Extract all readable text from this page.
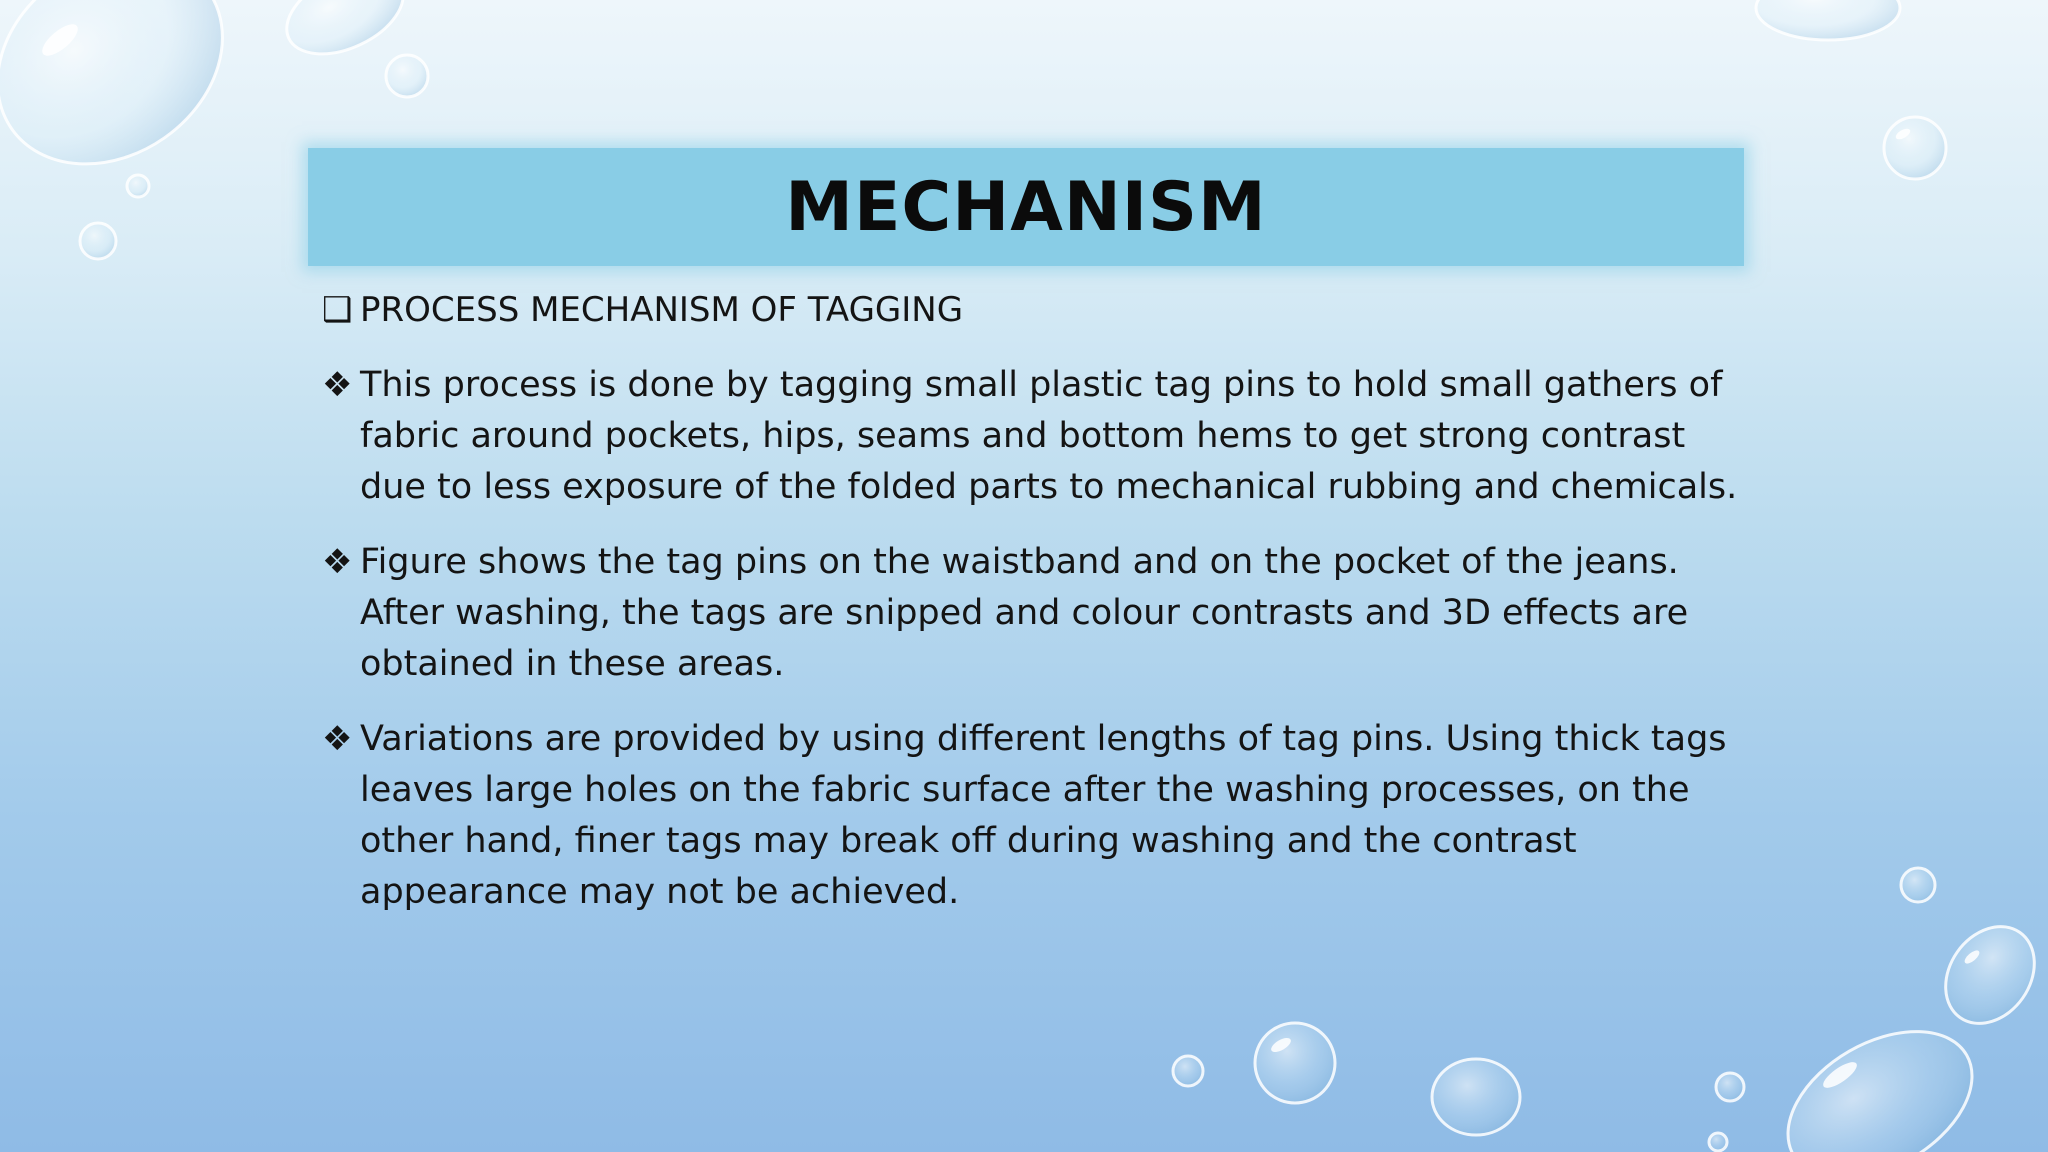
MECHANISM
❑ PROCESS MECHANISM OF TAGGING
❖ This process is done by tagging small plastic tag pins to hold small gathers of fabric around pockets, hips, seams and bottom hems to get strong contrast due to less exposure of the folded parts to mechanical rubbing and chemicals.
❖ Figure shows the tag pins on the waistband and on the pocket of the jeans. After washing, the tags are snipped and colour contrasts and 3D effects are obtained in these areas.
❖ Variations are provided by using different lengths of tag pins. Using thick tags leaves large holes on the fabric surface after the washing processes, on the other hand, finer tags may break off during washing and the contrast appearance may not be achieved.
